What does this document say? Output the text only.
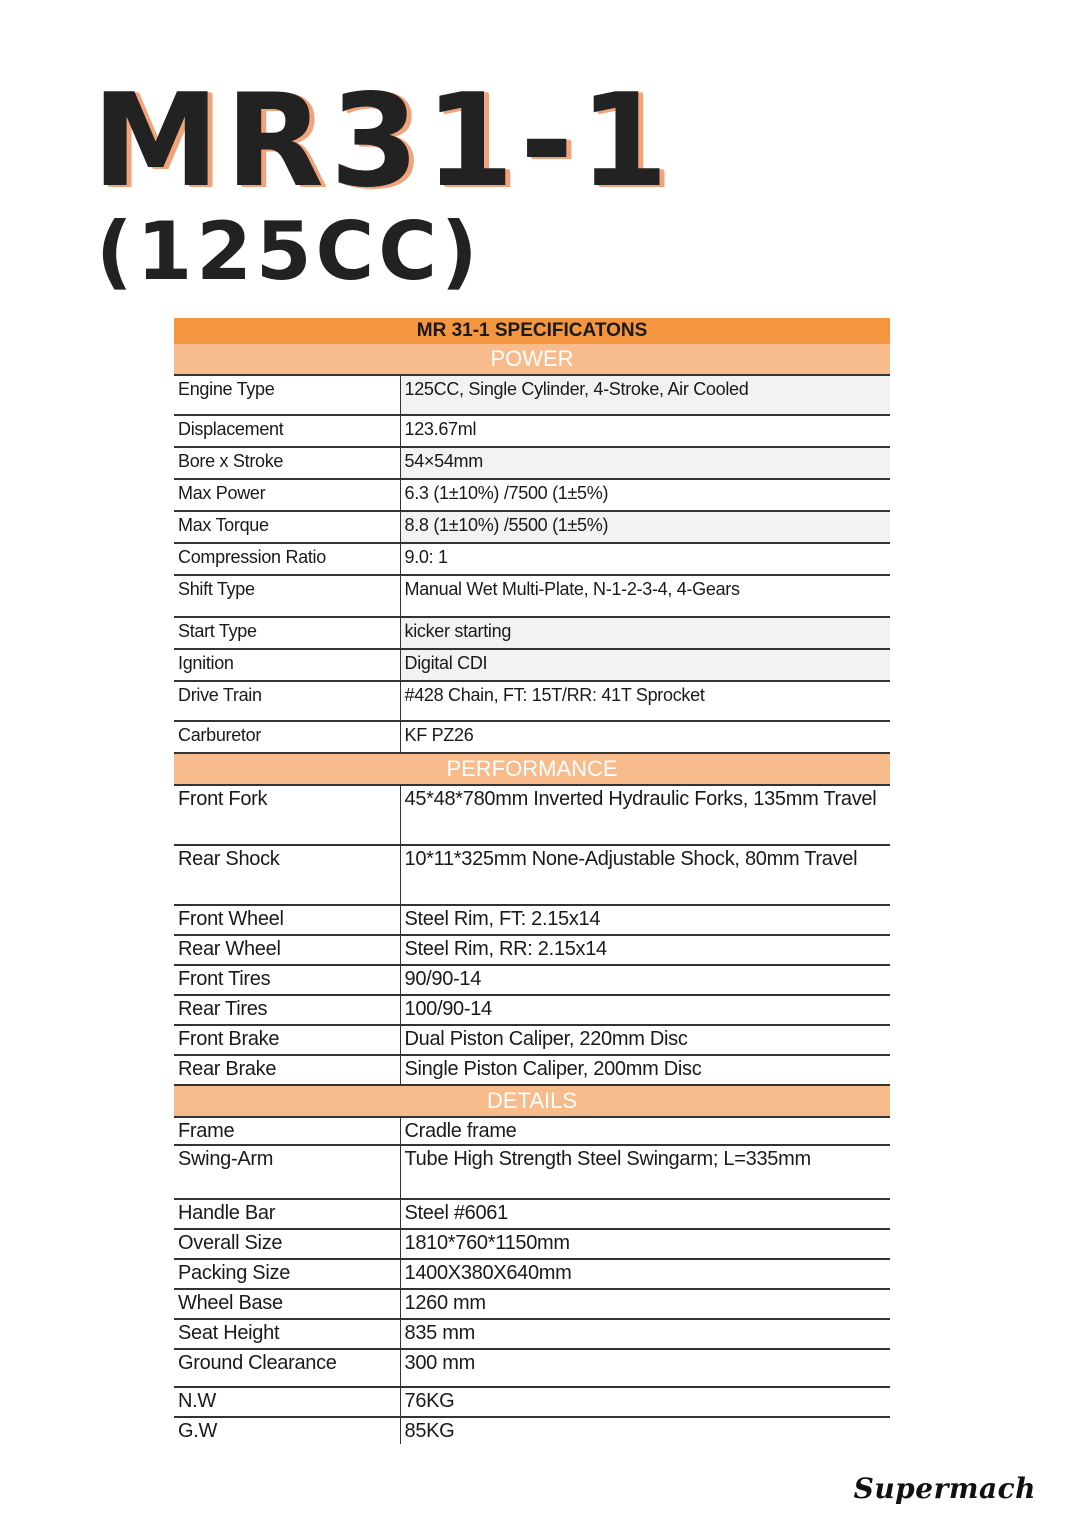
MR31-1
(125CC)
MR 31-1 SPECIFICATONS	
POWER	
Engine Type	125CC, Single Cylinder, 4-Stroke, Air Cooled
Displacement	123.67ml
Bore x Stroke	54×54mm
Max Power	6.3 (1±10%) /7500 (1±5%)
Max Torque	8.8 (1±10%) /5500 (1±5%)
Compression Ratio	9.0: 1
Shift Type	Manual Wet Multi-Plate, N-1-2-3-4, 4-Gears
Start Type	kicker starting
Ignition	Digital CDI
Drive Train	#428 Chain, FT: 15T/RR: 41T Sprocket
Carburetor	KF PZ26
PERFORMANCE	
Front Fork	45*48*780mm Inverted Hydraulic Forks, 135mm Travel
Rear Shock	10*11*325mm None-Adjustable Shock, 80mm Travel
Front Wheel	Steel Rim, FT: 2.15x14
Rear Wheel	Steel Rim, RR: 2.15x14
Front Tires	90/90-14
Rear Tires	100/90-14
Front Brake	Dual Piston Caliper, 220mm Disc
Rear Brake	Single Piston Caliper, 200mm Disc
DETAILS	
Frame	Cradle frame
Swing-Arm	Tube High Strength Steel Swingarm; L=335mm
Handle Bar	Steel #6061
Overall Size	1810*760*1150mm
Packing Size	1400X380X640mm
Wheel Base	1260 mm
Seat Height	835 mm
Ground Clearance	300 mm
N.W	76KG
G.W	85KG
Supermach
